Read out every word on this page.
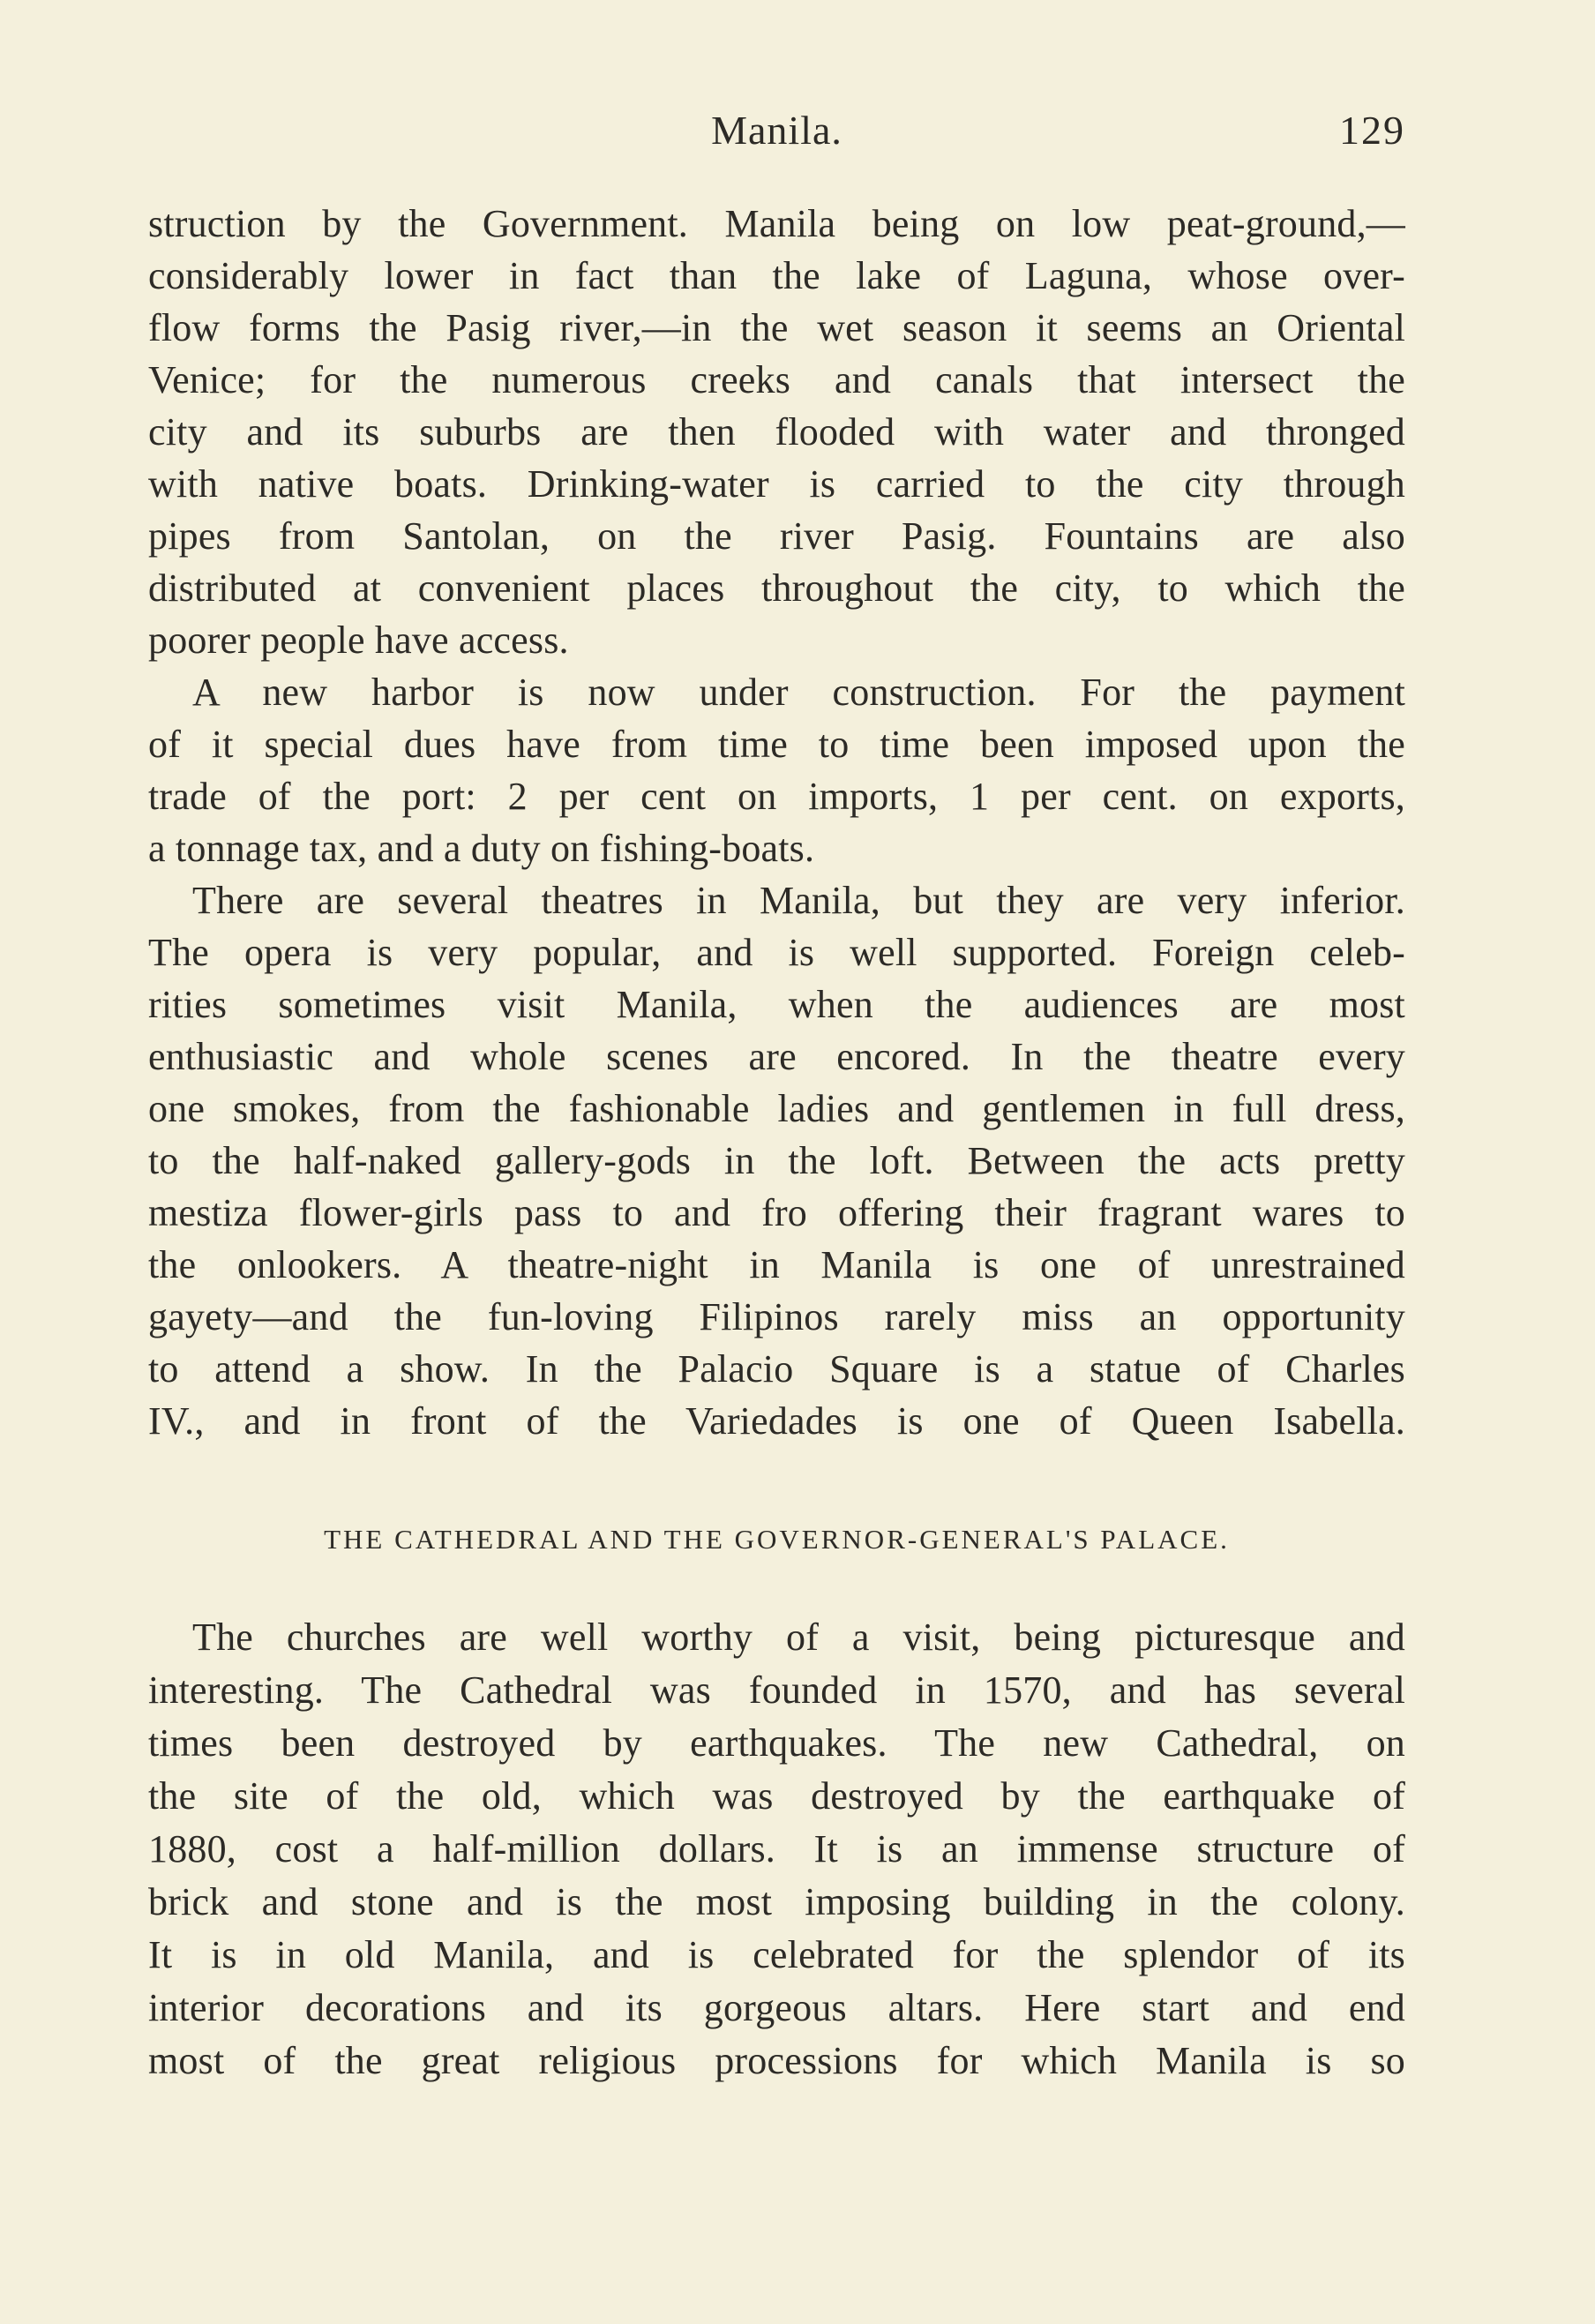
Manila.	129
struction by the Government. Manila being on low peat-ground,—
considerably lower in fact than the lake of Laguna, whose over-
flow forms the Pasig river,—in the wet season it seems an Oriental
Venice; for the numerous creeks and canals that intersect the
city and its suburbs are then flooded with water and thronged
with native boats. Drinking-water is carried to the city through
pipes from Santolan, on the river Pasig. Fountains are also
distributed at convenient places throughout the city, to which the
poorer people have access.
A new harbor is now under construction. For the payment
of it special dues have from time to time been imposed upon the
trade of the port: 2 per cent on imports, 1 per cent. on exports,
a tonnage tax, and a duty on fishing-boats.
There are several theatres in Manila, but they are very inferior.
The opera is very popular, and is well supported. Foreign celeb-
rities sometimes visit Manila, when the audiences are most
enthusiastic and whole scenes are encored. In the theatre every
one smokes, from the fashionable ladies and gentlemen in full dress,
to the half-naked gallery-gods in the loft. Between the acts pretty
mestiza flower-girls pass to and fro offering their fragrant wares to
the onlookers. A theatre-night in Manila is one of unrestrained
gayety—and the fun-loving Filipinos rarely miss an opportunity
to attend a show. In the Palacio Square is a statue of Charles
IV., and in front of the Variedades is one of Queen Isabella.
THE CATHEDRAL AND THE GOVERNOR-GENERAL'S PALACE.
The churches are well worthy of a visit, being picturesque and
interesting. The Cathedral was founded in 1570, and has several
times been destroyed by earthquakes. The new Cathedral, on
the site of the old, which was destroyed by the earthquake of
1880, cost a half-million dollars. It is an immense structure of
brick and stone and is the most imposing building in the colony.
It is in old Manila, and is celebrated for the splendor of its
interior decorations and its gorgeous altars. Here start and end
most of the great religious processions for which Manila is so
